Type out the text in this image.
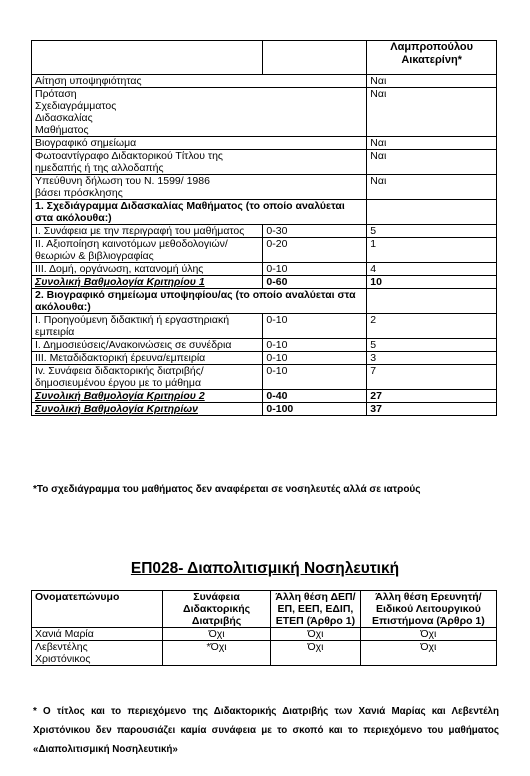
		Λαμπροπούλου Αικατερίνη*
Αίτηση υποψηφιότητας		Ναι
Πρόταση Σχεδιαγράμματος Διδασκαλίας Μαθήματος		Ναι
Βιογραφικό σημείωμα		Ναι
Φωτοαντίγραφο Διδακτορικού Τίτλου της ημεδαπής ή της αλλοδαπής		Ναι
Υπεύθυνη δήλωση του Ν. 1599/ 1986 βάσει πρόσκλησης		Ναι
1. Σχεδιάγραμμα Διδασκαλίας Μαθήματος (το οποίο αναλύεται στα ακόλουθα:)		
Ι. Συνάφεια με την περιγραφή του μαθήματος	0-30	5
ΙΙ. Αξιοποίηση καινοτόμων μεθοδολογιών/θεωριών & βιβλιογραφίας	0-20	1
ΙΙΙ. Δομή, οργάνωση, κατανομή ύλης	0-10	4
Συνολική Βαθμολογία Κριτηρίου 1	0-60	10
2. Βιογραφικό σημείωμα υποψηφίου/ας (το οποίο αναλύεται στα ακόλουθα:)		
Ι. Προηγούμενη διδακτική ή εργαστηριακή εμπειρία	0-10	2
Ι. Δημοσιεύσεις/Ανακοινώσεις σε συνέδρια	0-10	5
ΙΙΙ. Μεταδιδακτορική έρευνα/εμπειρία	0-10	3
Ιv. Συνάφεια διδακτορικής διατριβής/δημοσιευμένου έργου με το μάθημα	0-10	7
Συνολική Βαθμολογία Κριτηρίου 2	0-40	27
Συνολική Βαθμολογία Κριτηρίων	0-100	37
*Το σχεδιάγραμμα του μαθήματος δεν αναφέρεται σε νοσηλευτές αλλά σε ιατρούς
ΕΠ028- Διαπολιτισμική Νοσηλευτική
Ονοματεπώνυμο	Συνάφεια Διδακτορικής Διατριβής	Άλλη θέση ΔΕΠ/ΕΠ, ΕΕΠ, ΕΔΙΠ, ΕΤΕΠ (Άρθρο 1)	Άλλη θέση Ερευνητή/ Ειδικού Λειτουργικού Επιστήμονα (Άρθρο 1)
Χανιά Μαρία	Όχι	Όχι	Όχι
Λεβεντέλης Χριστόνικος	*Όχι	Όχι	Όχι
* Ο τίτλος και το περιεχόμενο της Διδακτορικής Διατριβής των Χανιά Μαρίας και Λεβεντέλη Χριστόνικου δεν παρουσιάζει καμία συνάφεια με το σκοπό και το περιεχόμενο του μαθήματος «Διαπολιτισμική Νοσηλευτική»
